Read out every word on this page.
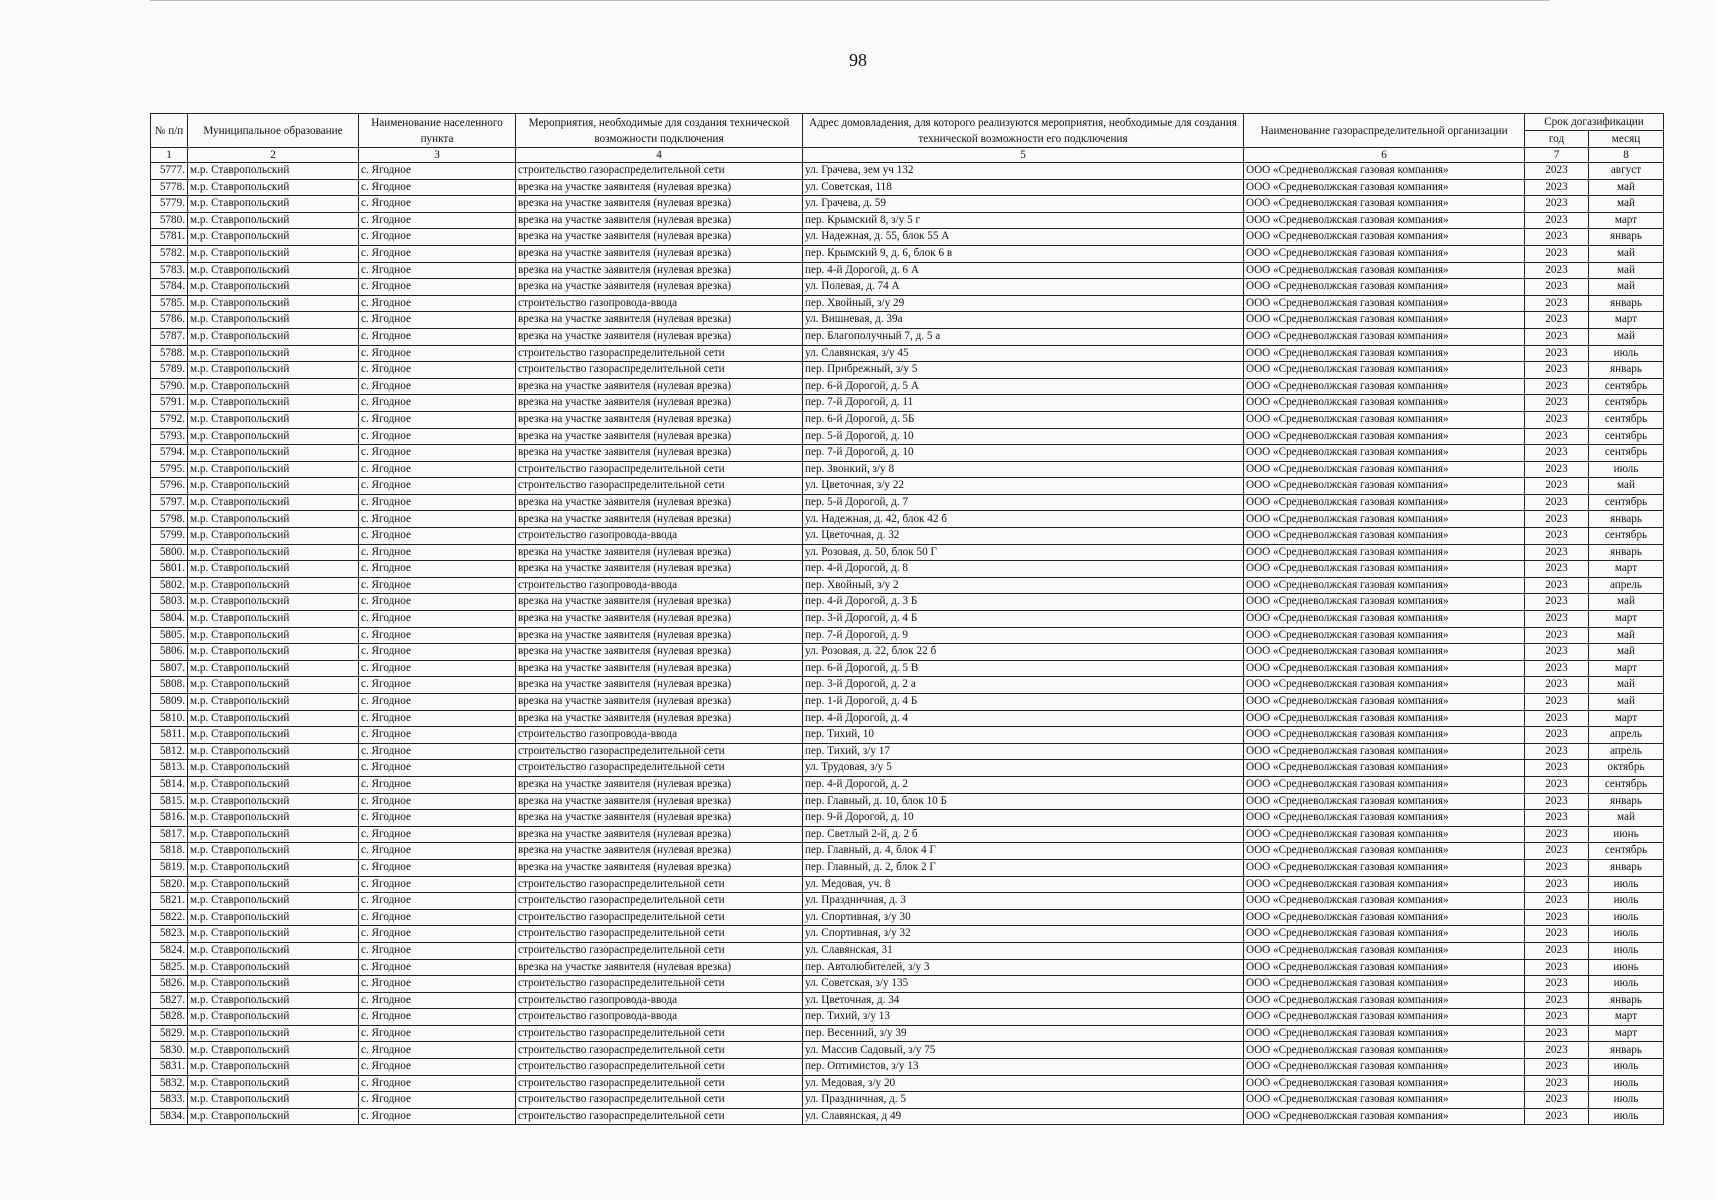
98
№ п/п	Муниципальное образование	Наименование населенного пункта	Мероприятия, необходимые для создания технической возможности подключения	Адрес домовладения, для которого реализуются мероприятия, необходимые для создания технической возможности его подключения	Наименование газораспределительной организации	Срок догазификации	
						год	месяц
1	2	3	4	5	6	7	8
5777.	м.р. Ставропольский	с. Ягодное	строительство газораспределительной сети	ул. Грачева, зем уч 132	ООО «Средневолжская газовая компания»	2023	август
5778.	м.р. Ставропольский	с. Ягодное	врезка на участке заявителя (нулевая врезка)	ул. Советская, 118	ООО «Средневолжская газовая компания»	2023	май
5779.	м.р. Ставропольский	с. Ягодное	врезка на участке заявителя (нулевая врезка)	ул. Грачева, д. 59	ООО «Средневолжская газовая компания»	2023	май
5780.	м.р. Ставропольский	с. Ягодное	врезка на участке заявителя (нулевая врезка)	пер. Крымский 8, з/у 5 г	ООО «Средневолжская газовая компания»	2023	март
5781.	м.р. Ставропольский	с. Ягодное	врезка на участке заявителя (нулевая врезка)	ул. Надежная, д. 55, блок 55 А	ООО «Средневолжская газовая компания»	2023	январь
5782.	м.р. Ставропольский	с. Ягодное	врезка на участке заявителя (нулевая врезка)	пер. Крымский 9, д. 6, блок 6 в	ООО «Средневолжская газовая компания»	2023	май
5783.	м.р. Ставропольский	с. Ягодное	врезка на участке заявителя (нулевая врезка)	пер. 4-й Дорогой, д. 6 А	ООО «Средневолжская газовая компания»	2023	май
5784.	м.р. Ставропольский	с. Ягодное	врезка на участке заявителя (нулевая врезка)	ул. Полевая, д. 74 А	ООО «Средневолжская газовая компания»	2023	май
5785.	м.р. Ставропольский	с. Ягодное	строительство газопровода-ввода	пер. Хвойный, з/у 29	ООО «Средневолжская газовая компания»	2023	январь
5786.	м.р. Ставропольский	с. Ягодное	врезка на участке заявителя (нулевая врезка)	ул. Вишневая, д. 39а	ООО «Средневолжская газовая компания»	2023	март
5787.	м.р. Ставропольский	с. Ягодное	врезка на участке заявителя (нулевая врезка)	пер. Благополучный 7, д. 5 а	ООО «Средневолжская газовая компания»	2023	май
5788.	м.р. Ставропольский	с. Ягодное	строительство газораспределительной сети	ул. Славянская, з/у 45	ООО «Средневолжская газовая компания»	2023	июль
5789.	м.р. Ставропольский	с. Ягодное	строительство газораспределительной сети	пер. Прибрежный, з/у 5	ООО «Средневолжская газовая компания»	2023	январь
5790.	м.р. Ставропольский	с. Ягодное	врезка на участке заявителя (нулевая врезка)	пер. 6-й Дорогой, д. 5 А	ООО «Средневолжская газовая компания»	2023	сентябрь
5791.	м.р. Ставропольский	с. Ягодное	врезка на участке заявителя (нулевая врезка)	пер. 7-й Дорогой, д. 11	ООО «Средневолжская газовая компания»	2023	сентябрь
5792.	м.р. Ставропольский	с. Ягодное	врезка на участке заявителя (нулевая врезка)	пер. 6-й Дорогой, д. 5Б	ООО «Средневолжская газовая компания»	2023	сентябрь
5793.	м.р. Ставропольский	с. Ягодное	врезка на участке заявителя (нулевая врезка)	пер. 5-й Дорогой, д. 10	ООО «Средневолжская газовая компания»	2023	сентябрь
5794.	м.р. Ставропольский	с. Ягодное	врезка на участке заявителя (нулевая врезка)	пер. 7-й Дорогой, д. 10	ООО «Средневолжская газовая компания»	2023	сентябрь
5795.	м.р. Ставропольский	с. Ягодное	строительство газораспределительной сети	пер. Звонкий, з/у 8	ООО «Средневолжская газовая компания»	2023	июль
5796.	м.р. Ставропольский	с. Ягодное	строительство газораспределительной сети	ул. Цветочная, з/у 22	ООО «Средневолжская газовая компания»	2023	май
5797.	м.р. Ставропольский	с. Ягодное	врезка на участке заявителя (нулевая врезка)	пер. 5-й Дорогой, д. 7	ООО «Средневолжская газовая компания»	2023	сентябрь
5798.	м.р. Ставропольский	с. Ягодное	врезка на участке заявителя (нулевая врезка)	ул. Надежная, д. 42, блок 42 б	ООО «Средневолжская газовая компания»	2023	январь
5799.	м.р. Ставропольский	с. Ягодное	строительство газопровода-ввода	ул. Цветочная, д. 32	ООО «Средневолжская газовая компания»	2023	сентябрь
5800.	м.р. Ставропольский	с. Ягодное	врезка на участке заявителя (нулевая врезка)	ул. Розовая, д. 50, блок 50 Г	ООО «Средневолжская газовая компания»	2023	январь
5801.	м.р. Ставропольский	с. Ягодное	врезка на участке заявителя (нулевая врезка)	пер. 4-й Дорогой, д. 8	ООО «Средневолжская газовая компания»	2023	март
5802.	м.р. Ставропольский	с. Ягодное	строительство газопровода-ввода	пер. Хвойный, з/у 2	ООО «Средневолжская газовая компания»	2023	апрель
5803.	м.р. Ставропольский	с. Ягодное	врезка на участке заявителя (нулевая врезка)	пер. 4-й Дорогой, д. 3 Б	ООО «Средневолжская газовая компания»	2023	май
5804.	м.р. Ставропольский	с. Ягодное	врезка на участке заявителя (нулевая врезка)	пер. 3-й Дорогой, д. 4 Б	ООО «Средневолжская газовая компания»	2023	март
5805.	м.р. Ставропольский	с. Ягодное	врезка на участке заявителя (нулевая врезка)	пер. 7-й Дорогой, д. 9	ООО «Средневолжская газовая компания»	2023	май
5806.	м.р. Ставропольский	с. Ягодное	врезка на участке заявителя (нулевая врезка)	ул. Розовая, д. 22, блок 22 б	ООО «Средневолжская газовая компания»	2023	май
5807.	м.р. Ставропольский	с. Ягодное	врезка на участке заявителя (нулевая врезка)	пер. 6-й Дорогой, д. 5 В	ООО «Средневолжская газовая компания»	2023	март
5808.	м.р. Ставропольский	с. Ягодное	врезка на участке заявителя (нулевая врезка)	пер. 3-й Дорогой, д. 2 а	ООО «Средневолжская газовая компания»	2023	май
5809.	м.р. Ставропольский	с. Ягодное	врезка на участке заявителя (нулевая врезка)	пер. 1-й Дорогой, д. 4 Б	ООО «Средневолжская газовая компания»	2023	май
5810.	м.р. Ставропольский	с. Ягодное	врезка на участке заявителя (нулевая врезка)	пер. 4-й Дорогой, д. 4	ООО «Средневолжская газовая компания»	2023	март
5811.	м.р. Ставропольский	с. Ягодное	строительство газопровода-ввода	пер. Тихий, 10	ООО «Средневолжская газовая компания»	2023	апрель
5812.	м.р. Ставропольский	с. Ягодное	строительство газораспределительной сети	пер. Тихий, з/у 17	ООО «Средневолжская газовая компания»	2023	апрель
5813.	м.р. Ставропольский	с. Ягодное	строительство газораспределительной сети	ул. Трудовая, з/у 5	ООО «Средневолжская газовая компания»	2023	октябрь
5814.	м.р. Ставропольский	с. Ягодное	врезка на участке заявителя (нулевая врезка)	пер. 4-й Дорогой, д. 2	ООО «Средневолжская газовая компания»	2023	сентябрь
5815.	м.р. Ставропольский	с. Ягодное	врезка на участке заявителя (нулевая врезка)	пер. Главный, д. 10, блок 10 Б	ООО «Средневолжская газовая компания»	2023	январь
5816.	м.р. Ставропольский	с. Ягодное	врезка на участке заявителя (нулевая врезка)	пер. 9-й Дорогой, д. 10	ООО «Средневолжская газовая компания»	2023	май
5817.	м.р. Ставропольский	с. Ягодное	врезка на участке заявителя (нулевая врезка)	пер. Светлый 2-й, д. 2 б	ООО «Средневолжская газовая компания»	2023	июнь
5818.	м.р. Ставропольский	с. Ягодное	врезка на участке заявителя (нулевая врезка)	пер. Главный, д. 4, блок 4 Г	ООО «Средневолжская газовая компания»	2023	сентябрь
5819.	м.р. Ставропольский	с. Ягодное	врезка на участке заявителя (нулевая врезка)	пер. Главный, д. 2, блок 2 Г	ООО «Средневолжская газовая компания»	2023	январь
5820.	м.р. Ставропольский	с. Ягодное	строительство газораспределительной сети	ул. Медовая, уч. 8	ООО «Средневолжская газовая компания»	2023	июль
5821.	м.р. Ставропольский	с. Ягодное	строительство газораспределительной сети	ул. Праздничная, д. 3	ООО «Средневолжская газовая компания»	2023	июль
5822.	м.р. Ставропольский	с. Ягодное	строительство газораспределительной сети	ул. Спортивная, з/у 30	ООО «Средневолжская газовая компания»	2023	июль
5823.	м.р. Ставропольский	с. Ягодное	строительство газораспределительной сети	ул. Спортивная, з/у 32	ООО «Средневолжская газовая компания»	2023	июль
5824.	м.р. Ставропольский	с. Ягодное	строительство газораспределительной сети	ул. Славянская, 31	ООО «Средневолжская газовая компания»	2023	июль
5825.	м.р. Ставропольский	с. Ягодное	врезка на участке заявителя (нулевая врезка)	пер. Автолюбителей, з/у 3	ООО «Средневолжская газовая компания»	2023	июнь
5826.	м.р. Ставропольский	с. Ягодное	строительство газораспределительной сети	ул. Советская, з/у 135	ООО «Средневолжская газовая компания»	2023	июль
5827.	м.р. Ставропольский	с. Ягодное	строительство газопровода-ввода	ул. Цветочная, д. 34	ООО «Средневолжская газовая компания»	2023	январь
5828.	м.р. Ставропольский	с. Ягодное	строительство газопровода-ввода	пер. Тихий, з/у 13	ООО «Средневолжская газовая компания»	2023	март
5829.	м.р. Ставропольский	с. Ягодное	строительство газораспределительной сети	пер. Весенний, з/у 39	ООО «Средневолжская газовая компания»	2023	март
5830.	м.р. Ставропольский	с. Ягодное	строительство газораспределительной сети	ул. Массив Садовый, з/у 75	ООО «Средневолжская газовая компания»	2023	январь
5831.	м.р. Ставропольский	с. Ягодное	строительство газораспределительной сети	пер. Оптимистов, з/у 13	ООО «Средневолжская газовая компания»	2023	июль
5832.	м.р. Ставропольский	с. Ягодное	строительство газораспределительной сети	ул. Медовая, з/у 20	ООО «Средневолжская газовая компания»	2023	июль
5833.	м.р. Ставропольский	с. Ягодное	строительство газораспределительной сети	ул. Праздничная, д. 5	ООО «Средневолжская газовая компания»	2023	июль
5834.	м.р. Ставропольский	с. Ягодное	строительство газораспределительной сети	ул. Славянская, д 49	ООО «Средневолжская газовая компания»	2023	июль
